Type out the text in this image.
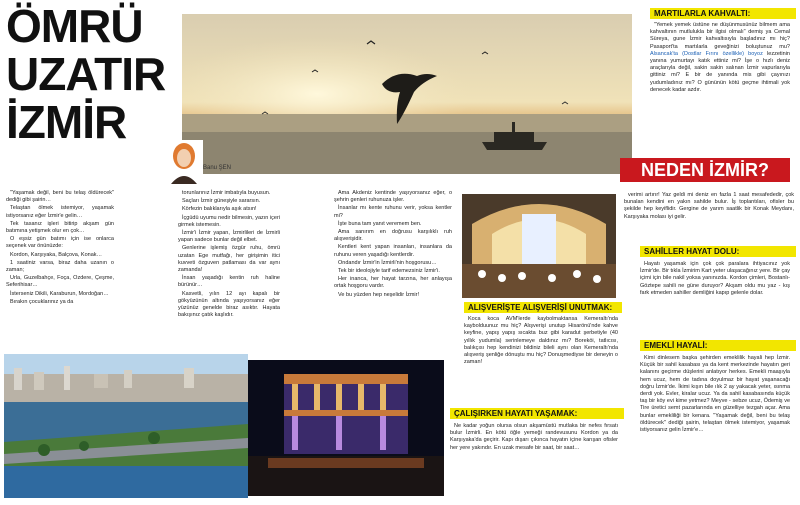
ÖMRÜ
UZATIR
İZMİR
Banu ŞEN

"Yaşamak değil, beni bu telaş öldürecek" dediği gibi şairin…

Telaştan ölmek istemiyor, yaşamak istiyorsanız eğer İzmir'e gelin…

Tek tasanız işleri bitirip akşam gün batımına yetişmek olur en çok…

O eşsiz gün batımı için ise onlarca seçenek var önünüzde:

Kordon, Karşıyaka, Balçova, Konak…

1 saatiniz varsa, biraz daha uzanın o zaman;

Urla, Guzelbahçe, Foça, Ozdere, Çeşme, Seferihisar…

İsterseniz Dikili, Karaburun, Mordoğan…

Bırakın çocuklarınız ya da

torunlarınız İzmir imbatıyla buyusun.

Saçları İzmir güneşiyle sararsın.

Körfezin balıklarıyla aşık atsın!

İçgüdü uyumu nedir bilmesin, yazın içeri girmek istemesin.

İzmir'i İzmir yapan, İzmirlileri de İzmirli yapan sadece bunlar değil elbet.

Genlerine işlemiş özgür ruhu, ömrü uzatan Ege mutfağı, her girişimin itici kuvveti özguven patlaması da var aynı zamanda!

İnsan yaşadığı kentin ruh haline bürünür…

Kasvetli, yılın 12 ayı kapalı bir gökyüzünün altında yaşıyorsanız eğer yüzünüz genelde biraz asıktır. Hayata bakışınız çatık kaşlıdır.

Ama Akdeniz kentinde yaşıyorsanız eğer, o şehrin genleri ruhunuza işler.

İnsanlar mı kente ruhunu verir, yoksa kentler mi?

İşte buna tam yanıt veremem ben.

Ama sanırım en doğrusu karşılıklı ruh alışverişidir.

Kentleri kent yapan insanları, insanlara da ruhunu veren yaşadığı kentlerdir.

Ondandır İzmir'in İzmirli'nin hoşgorusu…

Tek bir ideolojiyle tarif edemezsiniz İzmir'i.

Her inanca, her hayat tarzına, her anlayışa ortak hoşgoru vardır.

Ve bu yüzden hep neşelidir İzmir!

ALIŞVERİŞTE ALIŞVERİŞİ UNUTMAK:

Koca koca AVM'lerde kaybolmaktansa Kemeraltı'nda kaybolduunuz mu hiç? Alışverişi unutup Hisarönü'nde kahve keyfine, yapış yapış sıcakta buz gibi karadut şerbetiyle (40 yıllık yudumla) serinlemeye daldınız mı? Boreköi, tatlıcısı, balıkçısı hep kendinizi bildiniz bileli aynı olan Kemeraltı'nda alışveriş şenliğe dönuştu mu hiç? Donuşmediyse bir deneyin o zaman!

ÇALIŞIRKEN HAYATI YAŞAMAK:

Ne kadar yoğun olursa olsun akşamüstü mutlaka bir nefes fırsatı bulur İzmirli. En kötü öğle yemeği randevusunu Kordon ya da Karşıyaka'da geçirir. Kapı dışarı çıkınca hayatın içine karışan ofisler her yere yakındır. En uzak mesafe bir saat, bir saat…

verimi artırır! Yaz geldi mi deniz en fazla 1 saat mesafededir, çok bunalan kendini en yakın sahilde bulur. İş toplantıları, ofisler bu şekilde hep keyiflidir. Gergine de yarım saatlik bir Konak Meydanı, Karşıyaka molası iyi gelir.

MARTILARLA KAHVALTI:

"Yemek yemek üstüne ne düşünmusünüz bilmem ama kahvaltının mutlulukla bir ilgisi olmalı" demiş ya Cemal Süreya, gune İzmir kahvaltısıyla başladınız mı hiç? Pasaport'ta martılarla geveğinizi boluştunuz mu? Alsancak'ta (Dostlar Fırını özellikle) boyoz lezzetinin yanına yumurtayı katık ettiniz mi? İşe o hızlı deniz araçlarıyla değil, sakin sakin salınan İzmir vapurlarıyla gittiniz mi? E bir de yanında mis gibi çayınızı yudumladınız mı? O gününün kötü geçme ihtimali yok denecek kadar azdır.

NEDEN İZMİR?
SAHİLLER HAYAT DOLU:

Hayatı yaşamak için çok çok paralara ihtiyacınız yok İzmir'de. Bir tıkla İzmirim Kart yeter ulaşacağınız yere. Bir çay içimi için bile nakil yoksa yanınızda. Kordon çimleri, Bostanlı-Göztepe sahili ne güne duruyor? Akşam oldu mu yaz - kış fark etmeden sahiller demliğini kapıp gelenle dolar.

EMEKLİ HAYALİ:

Kimi dinlesem başka şehirden emeklilik hayali hep İzmir. Küçük bir sahil kasabası ya da kent merkezinde hayatın geri kalanını geçirme düşlerini anlatıyor herkes. Emekli maaşıyla hem ucuz, hem de tadına doyulmaz bir hayat yaşanacağı doğru İzmir'de. İkimi kışın bile ılık 2 ay yakacak yeter, ısınma derdi yok. Evler, kiralar ucuz. Ya da sahil kasabasında küçük taş bir köy evi kime yetmez? Meyve - sebze ucuz, Ödemiş ve Tire üretici semt pazarlarında en güzelliye tezgah açar. Ama bunlar emekliliği bir kenara. "Yaşamak değil, beni bu telaş öldürecek" dediği şairin, telaştan ölmek istemiyor, yaşamak istiyorsanız gelin İzmir'e…
